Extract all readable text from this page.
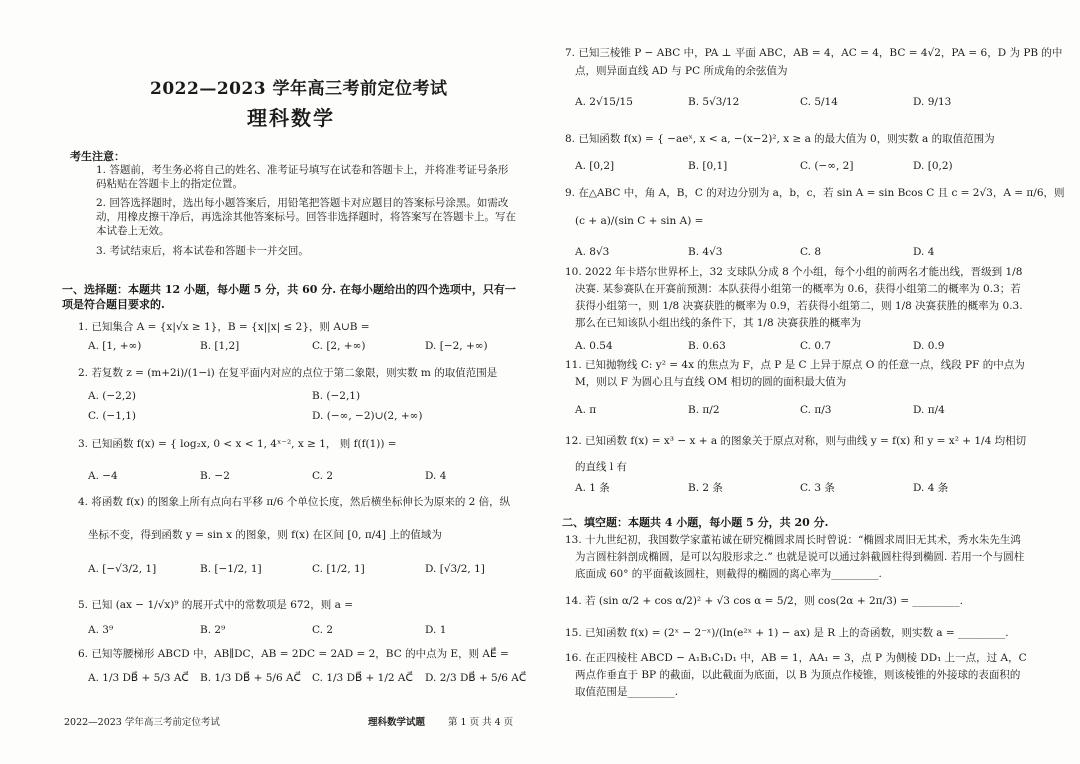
2022—2023 学年高三考前定位考试
理科数学
考生注意：
1. 答题前，考生务必将自己的姓名、准考证号填写在试卷和答题卡上，并将准考证号条形码粘贴在答题卡上的指定位置。
2. 回答选择题时，选出每小题答案后，用铅笔把答题卡对应题目的答案标号涂黑。如需改动，用橡皮擦干净后，再选涂其他答案标号。回答非选择题时，将答案写在答题卡上。写在本试卷上无效。
3. 考试结束后，将本试卷和答题卡一并交回。
一、选择题：本题共 12 小题，每小题 5 分，共 60 分. 在每小题给出的四个选项中，只有一项是符合题目要求的.
1. 已知集合 A = {x|√x ≥ 1}，B = {x||x| ≤ 2}，则 A∪B =
A. [1, +∞)	B. [1,2]	C. [2, +∞)	D. [−2, +∞)
2. 若复数 z = (m+2i)/(1−i) 在复平面内对应的点位于第二象限，则实数 m 的取值范围是
A. (−2,2)	B. (−2,1)
C. (−1,1)	D. (−∞, −2)∪(2, +∞)
3. 已知函数 f(x) = { log₂x, 0 < x < 1, 4ˣ⁻², x ≥ 1， 则 f(f(1)) =
A. −4	B. −2	C. 2	D. 4
4. 将函数 f(x) 的图象上所有点向右平移 π/6 个单位长度，然后横坐标伸长为原来的 2 倍，纵
坐标不变，得到函数 y = sin x 的图象，则 f(x) 在区间 [0, π/4] 上的值域为
A. [−√3/2, 1]	B. [−1/2, 1]	C. [1/2, 1]	D. [√3/2, 1]
5. 已知 (ax − 1/√x)⁹ 的展开式中的常数项是 672，则 a =
A. 3⁹	B. 2⁹	C. 2	D. 1
6. 已知等腰梯形 ABCD 中，AB∥DC，AB = 2DC = 2AD = 2，BC 的中点为 E，则 AE⃗ =
A. 1/3 DB⃗ + 5/3 AC⃗ B. 1/3 DB⃗ + 5/6 AC⃗ C. 1/3 DB⃗ + 1/2 AC⃗ D. 2/3 DB⃗ + 5/6 AC⃗
7. 已知三棱锥 P − ABC 中，PA ⊥ 平面 ABC，AB = 4，AC = 4，BC = 4√2，PA = 6，D 为 PB 的中
点，则异面直线 AD 与 PC 所成角的余弦值为
A. 2√15/15	B. 5√3/12	C. 5/14	D. 9/13
8. 已知函数 f(x) = { −aeˣ, x < a, −(x−2)², x ≥ a 的最大值为 0，则实数 a 的取值范围为
A. [0,2]	B. [0,1]	C. (−∞, 2]	D. [0,2)
9. 在△ABC 中，角 A，B，C 的对边分别为 a，b，c，若 sin A = sin Bcos C 且 c = 2√3，A = π/6，则
(c + a)/(sin C + sin A) =
A. 8√3	B. 4√3	C. 8	D. 4
10. 2022 年卡塔尔世界杯上，32 支球队分成 8 个小组，每个小组的前两名才能出线，晋级到 1/8 决赛. 某参赛队在开赛前预测：本队获得小组第一的概率为 0.6，获得小组第二的概率为 0.3；若获得小组第一，则 1/8 决赛获胜的概率为 0.9，若获得小组第二，则 1/8 决赛获胜的概率为 0.3. 那么在已知该队小组出线的条件下，其 1/8 决赛获胜的概率为
A. 0.54	B. 0.63	C. 0.7	D. 0.9
11. 已知抛物线 C: y² = 4x 的焦点为 F，点 P 是 C 上异于原点 O 的任意一点，线段 PF 的中点为 M，则以 F 为圆心且与直线 OM 相切的圆的面积最大值为
A. π	B. π/2	C. π/3	D. π/4
12. 已知函数 f(x) = x³ − x + a 的图象关于原点对称，则与曲线 y = f(x) 和 y = x² + 1/4 均相切
的直线 l 有
A. 1 条	B. 2 条	C. 3 条	D. 4 条
二、填空题：本题共 4 小题，每小题 5 分，共 20 分.
13. 十九世纪初，我国数学家董祐诚在研究椭圆求周长时曾说：“椭圆求周旧无其术，秀水朱先生鸿为言圆柱斜剖成椭圆，是可以勾股形求之.” 也就是说可以通过斜截圆柱得到椭圆. 若用一个与圆柱底面成 60° 的平面截该圆柱，则截得的椭圆的离心率为_________.
14. 若 (sin α/2 + cos α/2)² + √3 cos α = 5/2，则 cos(2α + 2π/3) = _________.
15. 已知函数 f(x) = (2ˣ − 2⁻ˣ)/(ln(e²ˣ + 1) − ax) 是 R 上的奇函数，则实数 a = _________.
16. 在正四棱柱 ABCD − A₁B₁C₁D₁ 中，AB = 1，AA₁ = 3，点 P 为侧棱 DD₁ 上一点，过 A，C 两点作垂直于 BP 的截面，以此截面为底面，以 B 为顶点作棱锥，则该棱锥的外接球的表面积的取值范围是_________.
2022—2023 学年高三考前定位考试	理科数学试题 第 1 页 共 4 页
